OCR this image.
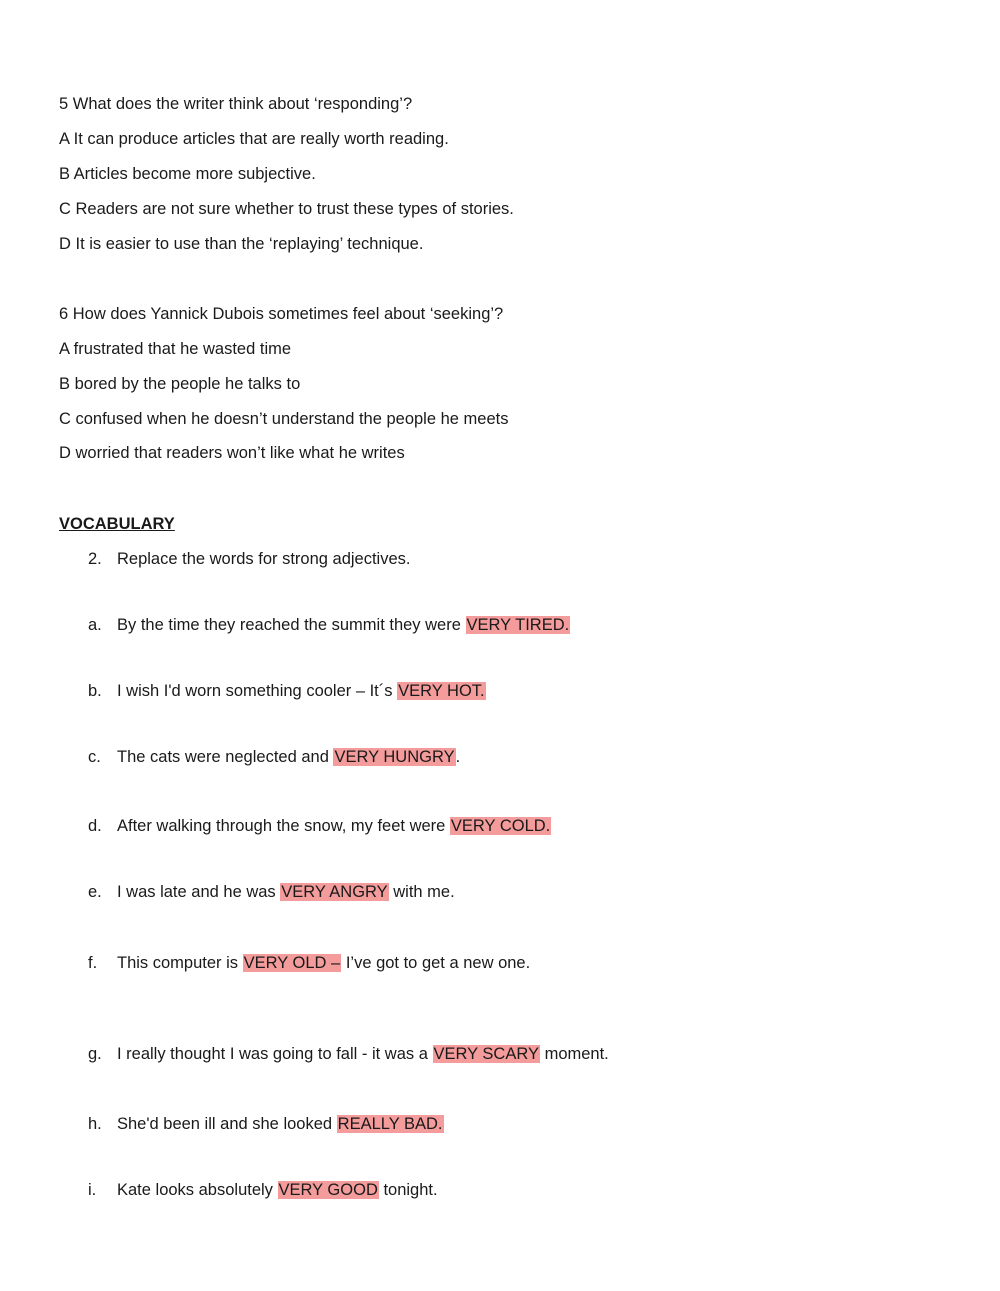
5 What does the writer think about ‘responding’?
A It can produce articles that are really worth reading.
B Articles become more subjective.
C Readers are not sure whether to trust these types of stories.
D It is easier to use than the ‘replaying’ technique.
6 How does Yannick Dubois sometimes feel about ‘seeking’?
A frustrated that he wasted time
B bored by the people he talks to
C confused when he doesn’t understand the people he meets
D worried that readers won’t like what he writes
VOCABULARY
2. Replace the words for strong adjectives.
a. By the time they reached the summit they were VERY TIRED.
b. I wish I'd worn something cooler – It´s VERY HOT.
c. The cats were neglected and VERY HUNGRY.
d. After walking through the snow, my feet were VERY COLD.
e. I was late and he was VERY ANGRY with me.
f. This computer is VERY OLD – I’ve got to get a new one.
g. I really thought I was going to fall - it was a VERY SCARY moment.
h. She'd been ill and she looked REALLY BAD.
i. Kate looks absolutely VERY GOOD tonight.
